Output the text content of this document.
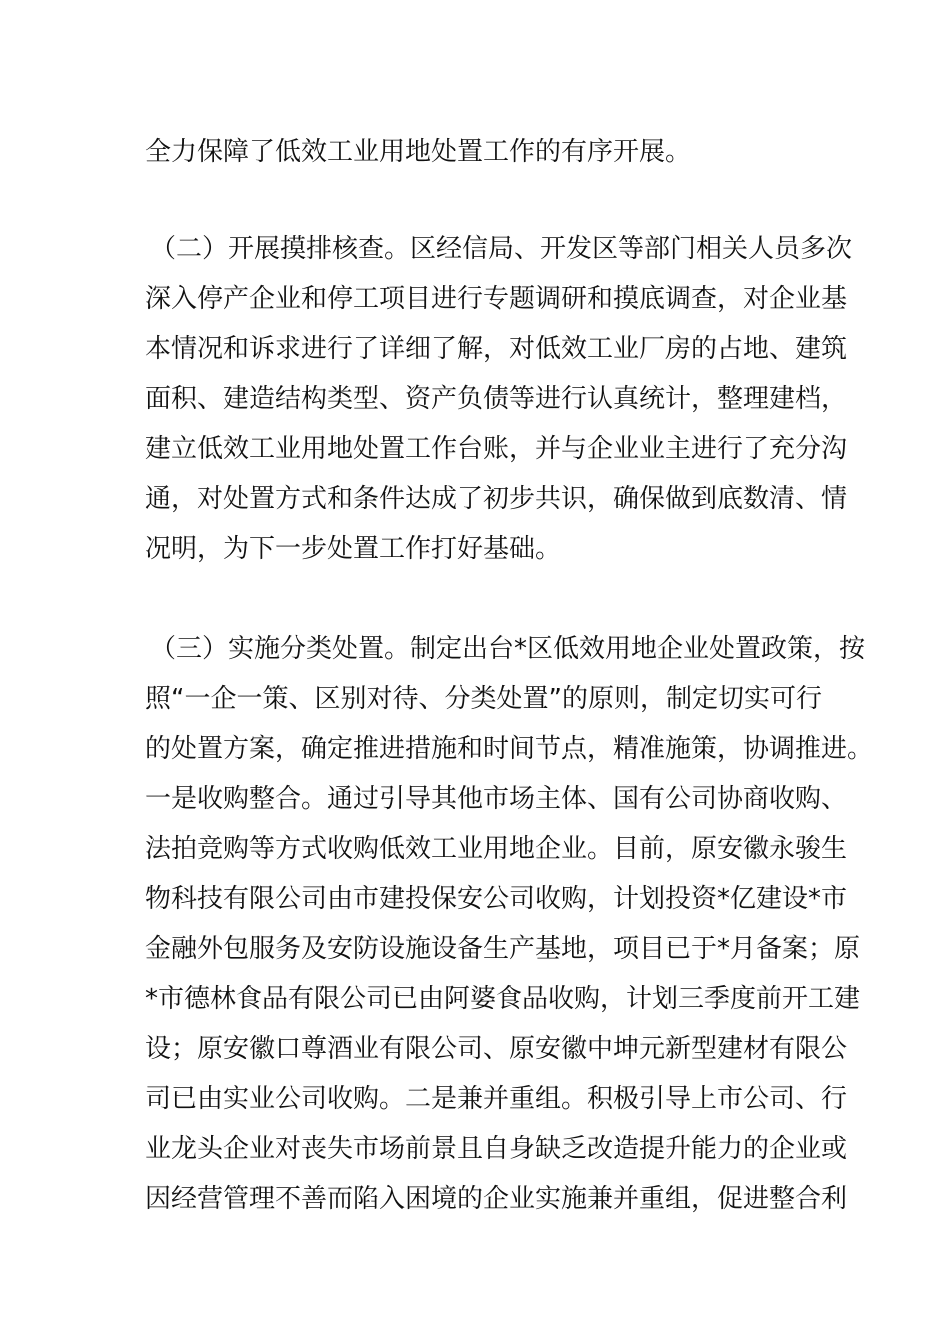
全力保障了低效工业用地处置工作的有序开展。
（二）开展摸排核查。区经信局、开发区等部门相关人员多次
深入停产企业和停工项目进行专题调研和摸底调查，对企业基
本情况和诉求进行了详细了解，对低效工业厂房的占地、建筑
面积、建造结构类型、资产负债等进行认真统计，整理建档，
建立低效工业用地处置工作台账，并与企业业主进行了充分沟
通，对处置方式和条件达成了初步共识，确保做到底数清、情
况明，为下一步处置工作打好基础。
（三）实施分类处置。制定出台*区低效用地企业处置政策，按
照“一企一策、区别对待、分类处置”的原则，制定切实可行
的处置方案，确定推进措施和时间节点，精准施策，协调推进。
一是收购整合。通过引导其他市场主体、国有公司协商收购、
法拍竞购等方式收购低效工业用地企业。目前，原安徽永骏生
物科技有限公司由市建投保安公司收购，计划投资*亿建设*市
金融外包服务及安防设施设备生产基地，项目已于*月备案；原
*市德林食品有限公司已由阿婆食品收购，计划三季度前开工建
设；原安徽口尊酒业有限公司、原安徽中坤元新型建材有限公
司已由实业公司收购。二是兼并重组。积极引导上市公司、行
业龙头企业对丧失市场前景且自身缺乏改造提升能力的企业或
因经营管理不善而陷入困境的企业实施兼并重组，促进整合利
